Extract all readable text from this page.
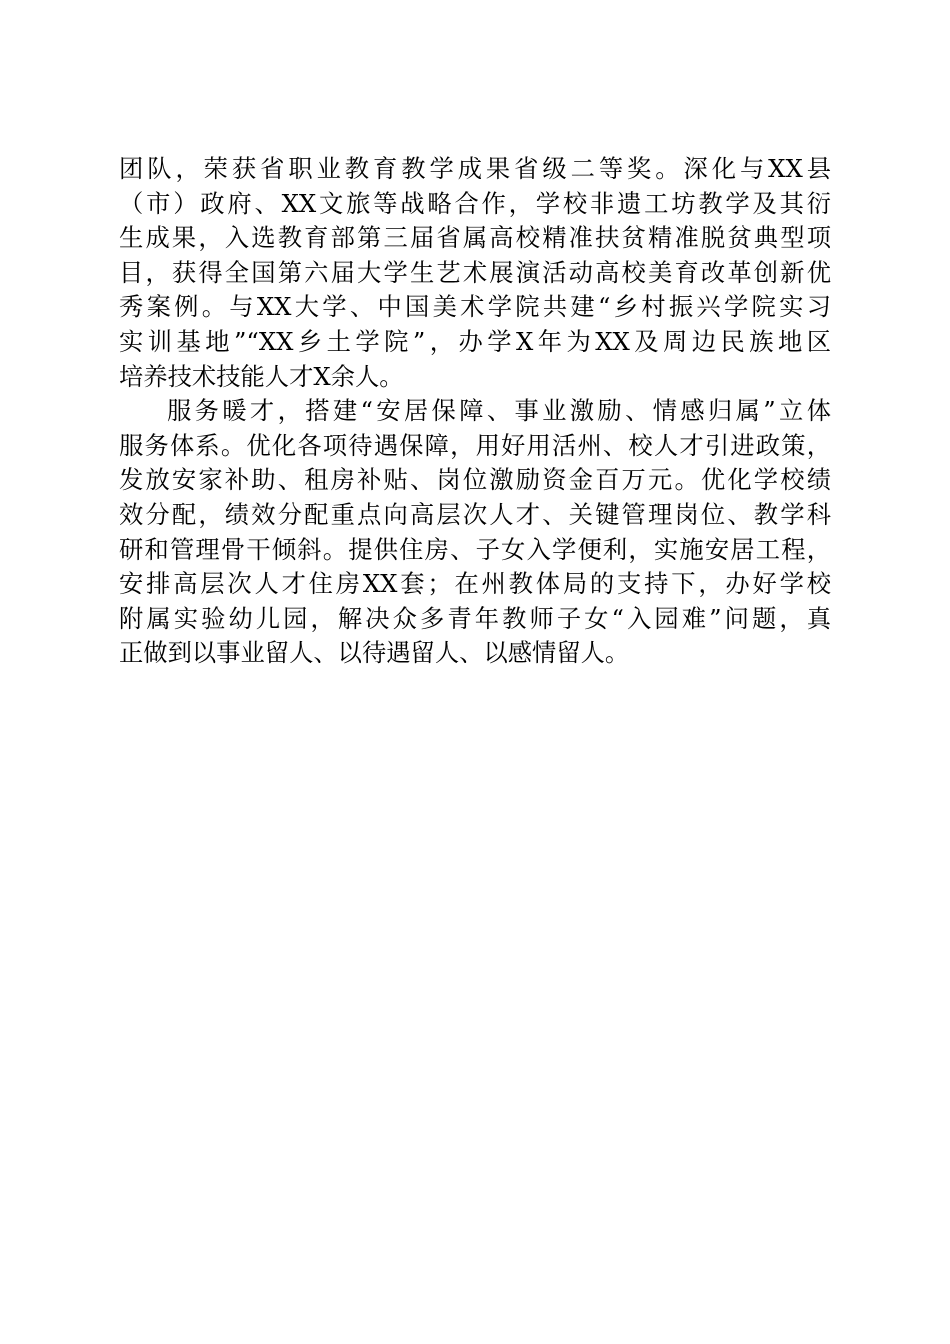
团队，荣获省职业教育教学成果省级二等奖。深化与XX县
（市）政府、XX文旅等战略合作，学校非遗工坊教学及其衍
生成果，入选教育部第三届省属高校精准扶贫精准脱贫典型项
目，获得全国第六届大学生艺术展演活动高校美育改革创新优
秀案例。与XX大学、中国美术学院共建“乡村振兴学院实习
实训基地”“XX乡土学院”，办学X年为XX及周边民族地区
培养技术技能人才X余人。
服务暖才，搭建“安居保障、事业激励、情感归属”立体
服务体系。优化各项待遇保障，用好用活州、校人才引进政策，
发放安家补助、租房补贴、岗位激励资金百万元。优化学校绩
效分配，绩效分配重点向高层次人才、关键管理岗位、教学科
研和管理骨干倾斜。提供住房、子女入学便利，实施安居工程，
安排高层次人才住房XX套；在州教体局的支持下，办好学校
附属实验幼儿园，解决众多青年教师子女“入园难”问题，真
正做到以事业留人、以待遇留人、以感情留人。
